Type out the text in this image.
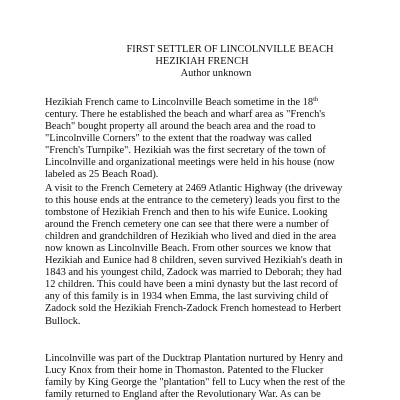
FIRST SETTLER OF LINCOLNVILLE BEACH
HEZIKIAH FRENCH
Author unknown
Hezikiah French came to Lincolnville Beach sometime in the 18th
century. There he established the beach and wharf area as "French's
Beach" bought property all around the beach area and the road to
"Lincolnville Corners" to the extent that the roadway was called
"French's Turnpike". Hezikiah was the first secretary of the town of
Lincolnville and organizational meetings were held in his house (now
labeled as 25 Beach Road).
A visit to the French Cemetery at 2469 Atlantic Highway (the driveway
to this house ends at the entrance to the cemetery) leads you first to the
tombstone of Hezikiah French and then to his wife Eunice. Looking
around the French cemetery one can see that there were a number of
children and grandchildren of Hezikiah who lived and died in the area
now known as Lincolnville Beach. From other sources we know that
Hezikiah and Eunice had 8 children, seven survived Hezikiah's death in
1843 and his youngest child, Zadock was married to Deborah; they had
12 children. This could have been a mini dynasty but the last record of
any of this family is in 1934 when Emma, the last surviving child of
Zadock sold the Hezikiah French-Zadock French homestead to Herbert
Bullock.
Lincolnville was part of the Ducktrap Plantation nurtured by Henry and
Lucy Knox from their home in Thomaston. Patented to the Flucker
family by King George the "plantation" fell to Lucy when the rest of the
family returned to England after the Revolutionary War. As can be
